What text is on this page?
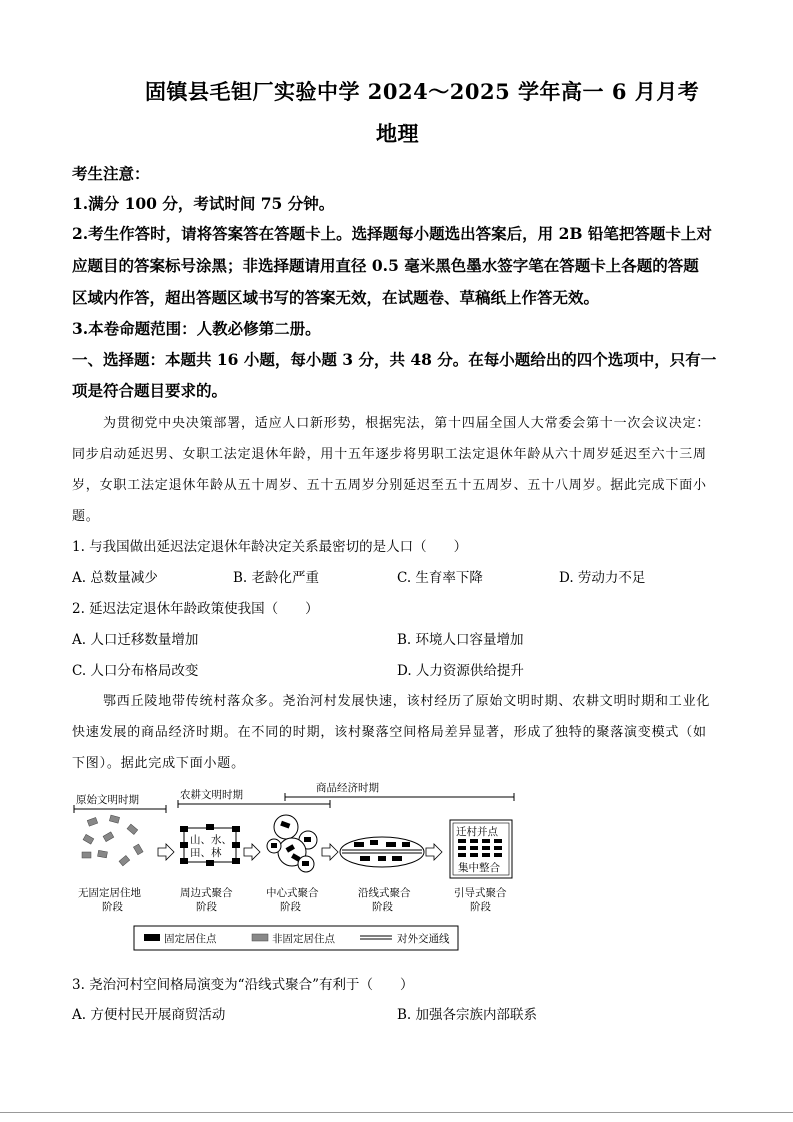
固镇县毛钽厂实验中学 2024～2025 学年高一 6 月月考
地理
考生注意：
1.满分 100 分，考试时间 75 分钟。
2.考生作答时，请将答案答在答题卡上。选择题每小题选出答案后，用 2B 铅笔把答题卡上对
应题目的答案标号涂黑；非选择题请用直径 0.5 毫米黑色墨水签字笔在答题卡上各题的答题
区域内作答，超出答题区域书写的答案无效，在试题卷、草稿纸上作答无效。
3.本卷命题范围：人教必修第二册。
一、选择题：本题共 16 小题，每小题 3 分，共 48 分。在每小题给出的四个选项中，只有一
项是符合题目要求的。
为贯彻党中央决策部署，适应人口新形势，根据宪法，第十四届全国人大常委会第十一次会议决定：
同步启动延迟男、女职工法定退休年龄，用十五年逐步将男职工法定退休年龄从六十周岁延迟至六十三周
岁，女职工法定退休年龄从五十周岁、五十五周岁分别延迟至五十五周岁、五十八周岁。据此完成下面小
题。
1. 与我国做出延迟法定退休年龄决定关系最密切的是人口（　　）
A. 总数量减少	B. 老龄化严重	C. 生育率下降	D. 劳动力不足
2. 延迟法定退休年龄政策使我国（　　）
A. 人口迁移数量增加	B. 环境人口容量增加
C. 人口分布格局改变	D. 人力资源供给提升
鄂西丘陵地带传统村落众多。尧治河村发展快速，该村经历了原始文明时期、农耕文明时期和工业化
快速发展的商品经济时期。在不同的时期，该村聚落空间格局差异显著，形成了独特的聚落演变模式（如
下图）。据此完成下面小题。
原始文明时期	农耕文明时期
商品经济时期
山、水、
田、林
迁村并点
集中整合
无固定居住地
阶段
周边式聚合
阶段
中心式聚合
阶段
沿线式聚合
阶段
引导式聚合
阶段
固定居住点	非固定居住点	对外交通线
3. 尧治河村空间格局演变为“沿线式聚合”有利于（　　）
A. 方便村民开展商贸活动	B. 加强各宗族内部联系
